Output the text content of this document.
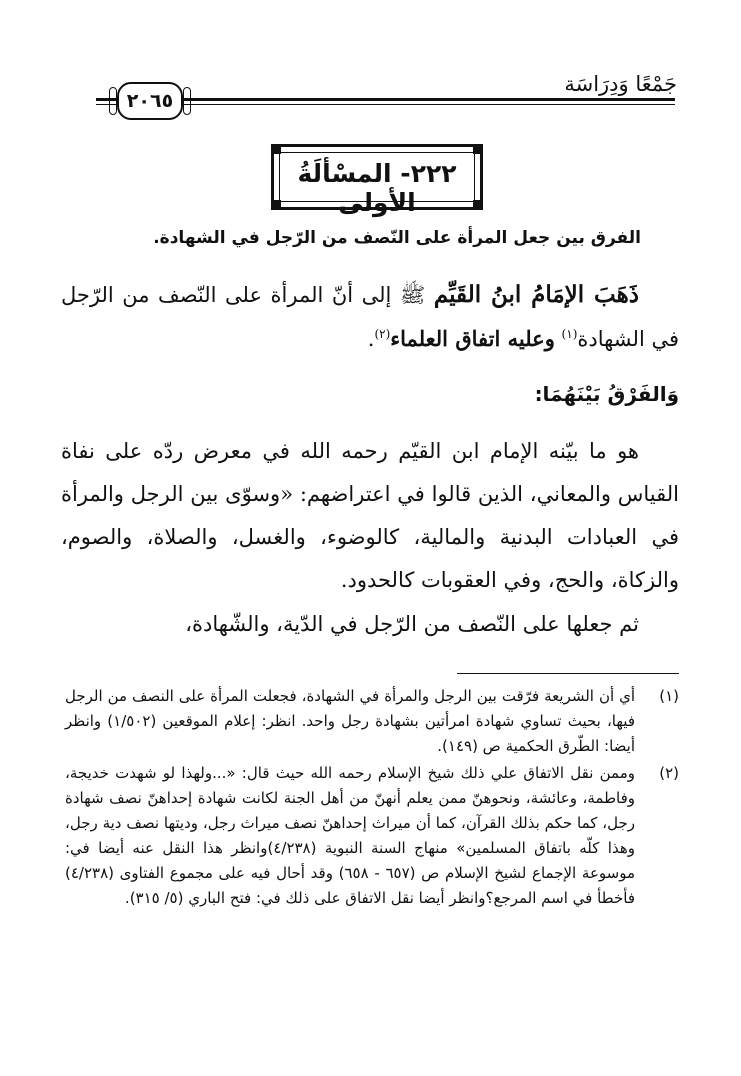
جَمْعًا وَدِرَاسَة
٢٠٦٥
٢٢٢- المسْألَةُ الأولى
الفرق بين جعل المرأة على النّصف من الرّجل في الشهادة.
ذَهَبَ الإمَامُ ابنُ القَيِّم ﷺ إلى أنّ المرأة على النّصف من الرّجل في الشهادة$^{(١)}$ وعليه اتفاق العلماء$^{(٢)}$.
وَالفَرْقُ بَيْنَهُمَا:
هو ما بيّنه الإمام ابن القيّم رحمه الله في معرض ردّه على نفاة القياس والمعاني، الذين قالوا في اعتراضهم: «وسوّى بين الرجل والمرأة في العبادات البدنية والمالية، كالوضوء، والغسل، والصلاة، والصوم، والزكاة، والحج، وفي العقوبات كالحدود.
ثم جعلها على النّصف من الرّجل في الدّية، والشّهادة،
(١)
أي أن الشريعة فرّقت بين الرجل والمرأة في الشهادة، فجعلت المرأة على النصف من الرجل فيها، بحيث تساوي شهادة امرأتين بشهادة رجل واحد. انظر: إعلام الموقعين (١/٥٠٢) وانظر أيضا: الطّرق الحكمية ص (١٤٩).
(٢)
وممن نقل الاتفاق علي ذلك شيخ الإسلام رحمه الله حيث قال: «...ولهذا لو شهدت خديجة، وفاطمة، وعائشة، ونحوهنّ ممن يعلم أنهنّ من أهل الجنة لكانت شهادة إحداهنّ نصف شهادة رجل، كما حكم بذلك القرآن، كما أن ميراث إحداهنّ نصف ميراث رجل، وديتها نصف دية رجل، وهذا كلّه باتفاق المسلمين» منهاج السنة النبوية (٤/٢٣٨)وانظر هذا النقل عنه أيضا في: موسوعة الإجماع لشيخ الإسلام ص (٦٥٧ - ٦٥٨) وقد أحال فيه على مجموع الفتاوى (٤/٢٣٨) فأخطأ في اسم المرجع؟وانظر أيضا نقل الاتفاق على ذلك في: فتح الباري (٥/ ٣١٥).
